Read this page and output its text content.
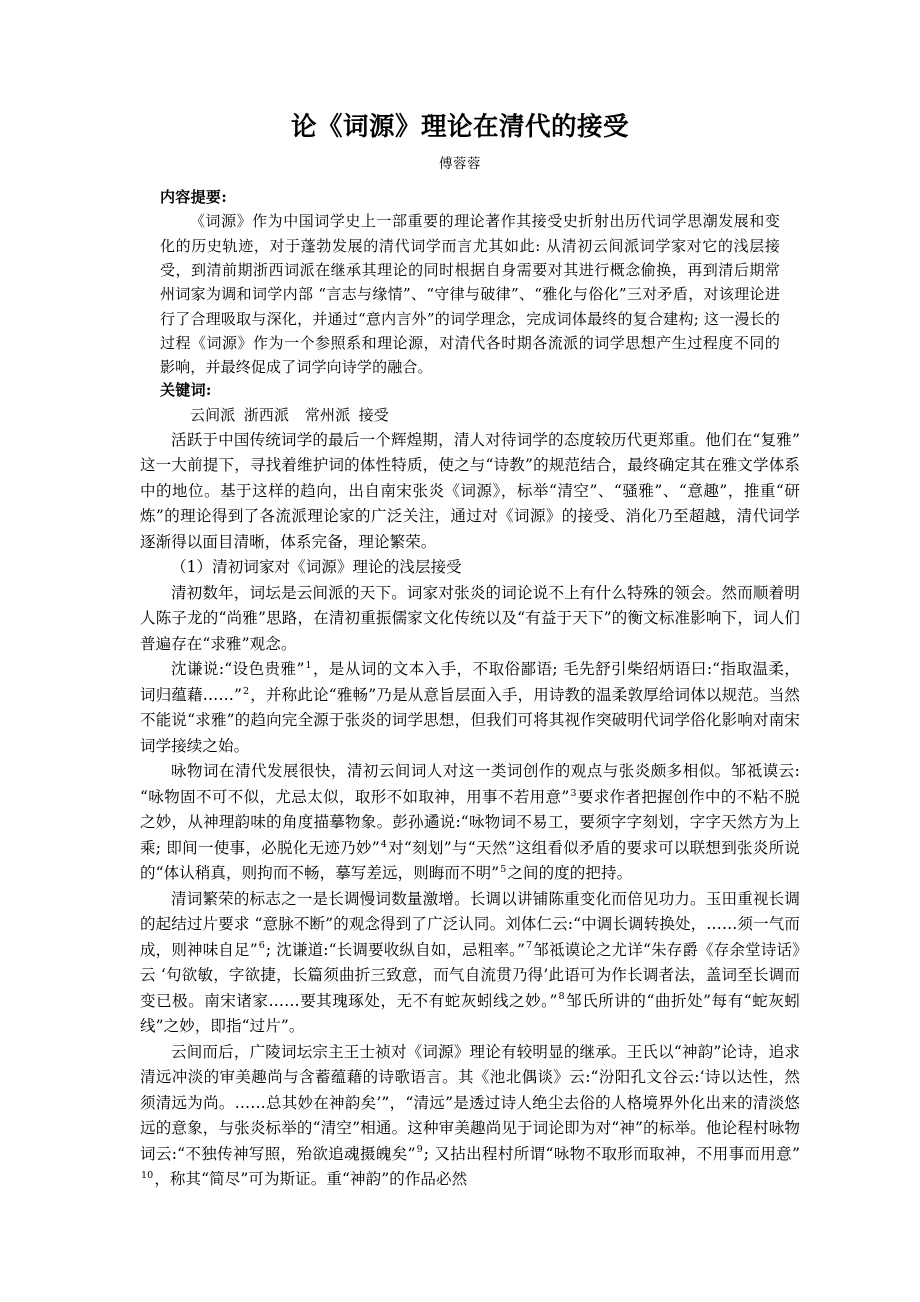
论《词源》理论在清代的接受

傅蓉蓉

内容提要:

《词源》作为中国词学史上一部重要的理论著作其接受史折射出历代词学思潮发展和变化的历史轨迹，对于蓬勃发展的清代词学而言尤其如此: 从清初云间派词学家对它的浅层接受，到清前期浙西词派在继承其理论的同时根据自身需要对其进行概念偷换，再到清后期常州词家为调和词学内部 “言志与缘情”、“守律与破律”、“雅化与俗化”三对矛盾，对该理论进行了合理吸取与深化，并通过“意内言外”的词学理念，完成词体最终的复合建构; 这一漫长的过程《词源》作为一个参照系和理论源，对清代各时期各流派的词学思想产生过程度不同的影响，并最终促成了词学向诗学的融合。

关键词:

云间派 浙西派 常州派 接受

活跃于中国传统词学的最后一个辉煌期，清人对待词学的态度较历代更郑重。他们在“复雅”这一大前提下，寻找着维护词的体性特质，使之与“诗教”的规范结合，最终确定其在雅文学体系中的地位。基于这样的趋向，出自南宋张炎《词源》，标举“清空”、“骚雅”、“意趣”，推重“研炼”的理论得到了各流派理论家的广泛关注，通过对《词源》的接受、消化乃至超越，清代词学逐渐得以面目清晰，体系完备，理论繁荣。

（1）清初词家对《词源》理论的浅层接受

清初数年，词坛是云间派的天下。词家对张炎的词论说不上有什么特殊的领会。然而顺着明人陈子龙的“尚雅”思路，在清初重振儒家文化传统以及“有益于天下”的衡文标准影响下，词人们普遍存在“求雅”观念。

沈谦说:“设色贵雅”$^1$，是从词的文本入手，不取俗鄙语; 毛先舒引柴绍炳语曰:“指取温柔，词归蕴藉……”$^2$，并称此论“雅畅”乃是从意旨层面入手，用诗教的温柔敦厚给词体以规范。当然不能说“求雅”的趋向完全源于张炎的词学思想，但我们可将其视作突破明代词学俗化影响对南宋词学接续之始。

咏物词在清代发展很快，清初云间词人对这一类词创作的观点与张炎颇多相似。邹祗谟云:“咏物固不可不似，尤忌太似，取形不如取神，用事不若用意”$^3$要求作者把握创作中的不粘不脱之妙，从神理韵味的角度描摹物象。彭孙遹说:“咏物词不易工，要须字字刻划，字字天然方为上乘; 即间一使事，必脱化无迹乃妙”$^4$对“刻划”与“天然”这组看似矛盾的要求可以联想到张炎所说的“体认稍真，则拘而不畅，摹写差远，则晦而不明”$^5$之间的度的把持。

清词繁荣的标志之一是长调慢词数量激增。长调以讲铺陈重变化而倍见功力。玉田重视长调的起结过片要求 “意脉不断”的观念得到了广泛认同。刘体仁云:“中调长调转换处，……须一气而成，则神味自足”$^6$; 沈谦道:“长调要收纵自如，忌粗率。”$^7$邹祗谟论之尤详“朱存爵《存余堂诗话》云 ‘句欲敏，字欲捷，长篇须曲折三致意，而气自流贯乃得’此语可为作长调者法，盖词至长调而变已极。南宋诸家……要其瑰琢处，无不有蛇灰蚓线之妙。”$^8$邹氏所讲的“曲折处”每有“蛇灰蚓线”之妙，即指“过片”。

云间而后，广陵词坛宗主王士祯对《词源》理论有较明显的继承。王氏以“神韵”论诗，追求清远冲淡的审美趣尚与含蓄蕴藉的诗歌语言。其《池北偶谈》云:“汾阳孔文谷云:‘诗以达性，然须清远为尚。……总其妙在神韵矣’”，“清远”是透过诗人绝尘去俗的人格境界外化出来的清淡悠远的意象，与张炎标举的“清空”相通。这种审美趣尚见于词论即为对“神”的标举。他论程村咏物词云:“不独传神写照，殆欲追魂摄魄矣”$^9$; 又拈出程村所谓“咏物不取形而取神，不用事而用意”$^{10}$，称其“简尽”可为斯证。重“神韵”的作品必然
